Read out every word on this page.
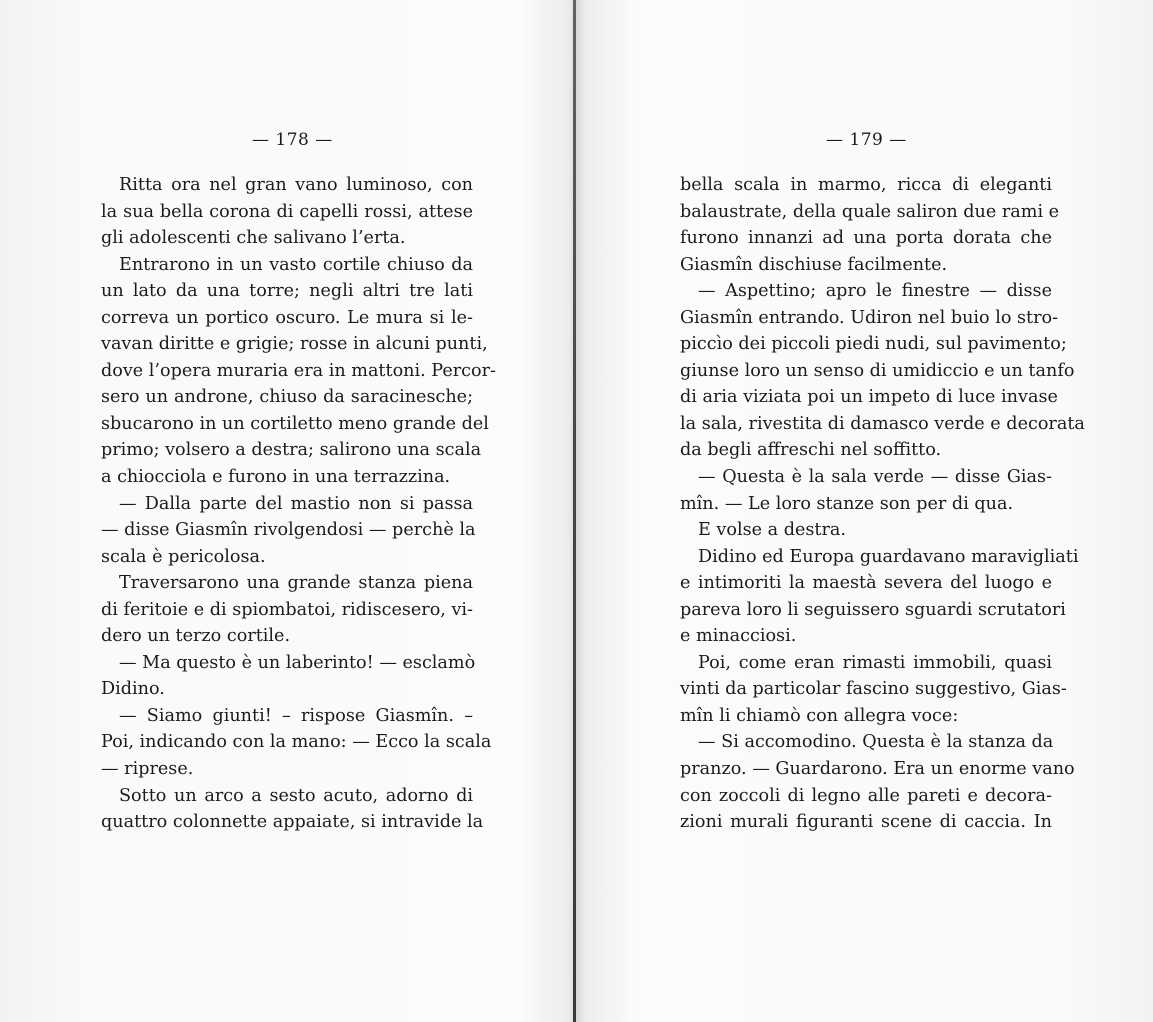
— 178 —
Ritta ora nel gran vano luminoso, con
la sua bella corona di capelli rossi, attese
gli adolescenti che salivano l’erta.
Entrarono in un vasto cortile chiuso da
un lato da una torre; negli altri tre lati
correva un portico oscuro. Le mura si le-
vavan diritte e grigie; rosse in alcuni punti,
dove l’opera muraria era in mattoni. Percor-
sero un androne, chiuso da saracinesche;
sbucarono in un cortiletto meno grande del
primo; volsero a destra; salirono una scala
a chiocciola e furono in una terrazzina.
— Dalla parte del mastio non si passa
— disse Giasmîn rivolgendosi — perchè la
scala è pericolosa.
Traversarono una grande stanza piena
di feritoie e di spiombatoi, ridiscesero, vi-
dero un terzo cortile.
— Ma questo è un laberinto! — esclamò
Didino.
— Siamo giunti! – rispose Giasmîn. –
Poi, indicando con la mano: — Ecco la scala
— riprese.
Sotto un arco a sesto acuto, adorno di
quattro colonnette appaiate, si intravide la
— 179 —
bella scala in marmo, ricca di eleganti
balaustrate, della quale saliron due rami e
furono innanzi ad una porta dorata che
Giasmîn dischiuse facilmente.
— Aspettino; apro le finestre — disse
Giasmîn entrando. Udiron nel buio lo stro-
piccìo dei piccoli piedi nudi, sul pavimento;
giunse loro un senso di umidiccio e un tanfo
di aria viziata poi un impeto di luce invase
la sala, rivestita di damasco verde e decorata
da begli affreschi nel soffitto.
— Questa è la sala verde — disse Gias-
mîn. — Le loro stanze son per di qua.
E volse a destra.
Didino ed Europa guardavano maravigliati
e intimoriti la maestà severa del luogo e
pareva loro li seguissero sguardi scrutatori
e minacciosi.
Poi, come eran rimasti immobili, quasi
vinti da particolar fascino suggestivo, Gias-
mîn li chiamò con allegra voce:
— Si accomodino. Questa è la stanza da
pranzo. — Guardarono. Era un enorme vano
con zoccoli di legno alle pareti e decora-
zioni murali figuranti scene di caccia. In
